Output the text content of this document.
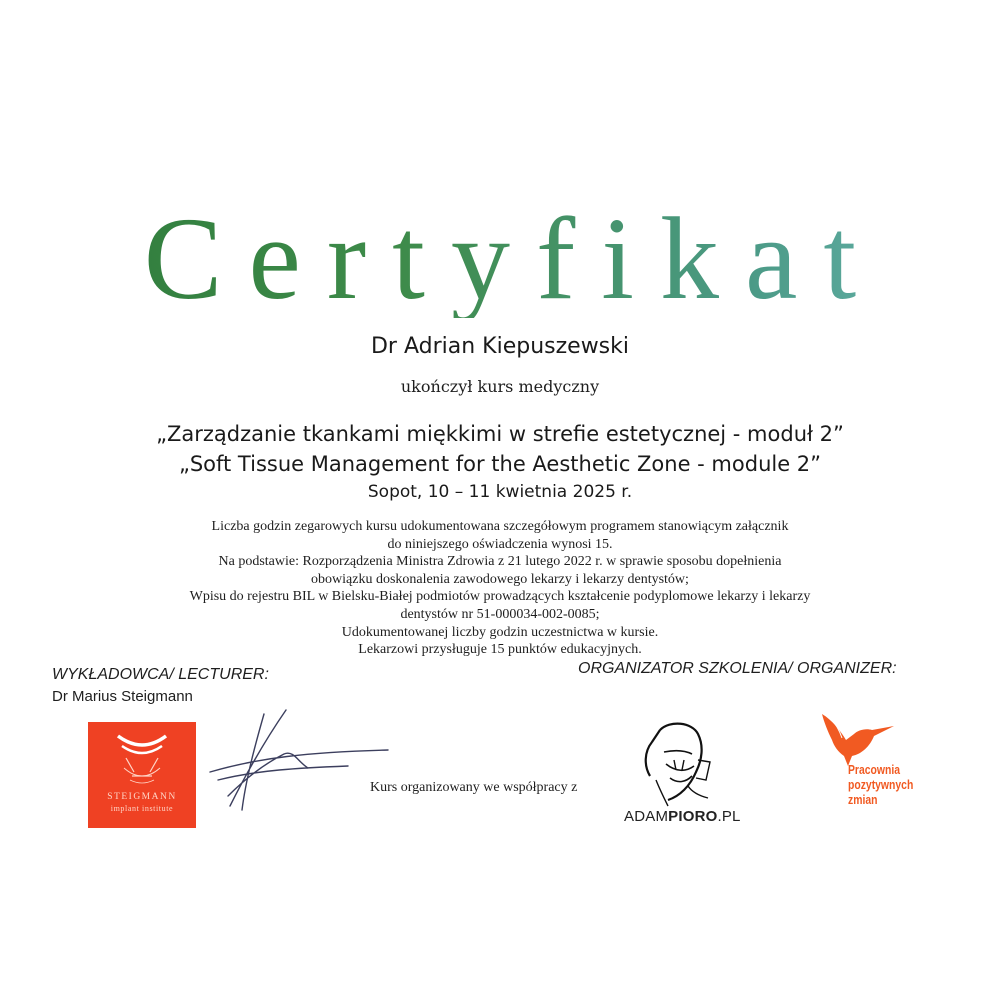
Certyfikat
Dr Adrian Kiepuszewski
ukończył kurs medyczny
„Zarządzanie tkankami miękkimi w strefie estetycznej - moduł 2”
„Soft Tissue Management for the Aesthetic Zone - module 2”
Sopot, 10 – 11 kwietnia 2025 r.
Liczba godzin zegarowych kursu udokumentowana szczegółowym programem stanowiącym załącznik
do niniejszego oświadczenia wynosi 15.
Na podstawie: Rozporządzenia Ministra Zdrowia z 21 lutego 2022 r. w sprawie sposobu dopełnienia
obowiązku doskonalenia zawodowego lekarzy i lekarzy dentystów;
Wpisu do rejestru BIL w Bielsku-Białej podmiotów prowadzących kształcenie podyplomowe lekarzy i lekarzy
dentystów nr 51-000034-002-0085;
Udokumentowanej liczby godzin uczestnictwa w kursie.
Lekarzowi przysługuje 15 punktów edukacyjnych.
WYKŁADOWCA/ LECTURER:
Dr Marius Steigmann
ORGANIZATOR SZKOLENIA/ ORGANIZER:
STEIGMANN
implant institute
Kurs organizowany we współpracy z
ADAMPIORO.PL
Pracownia
pozytywnych
zmian
